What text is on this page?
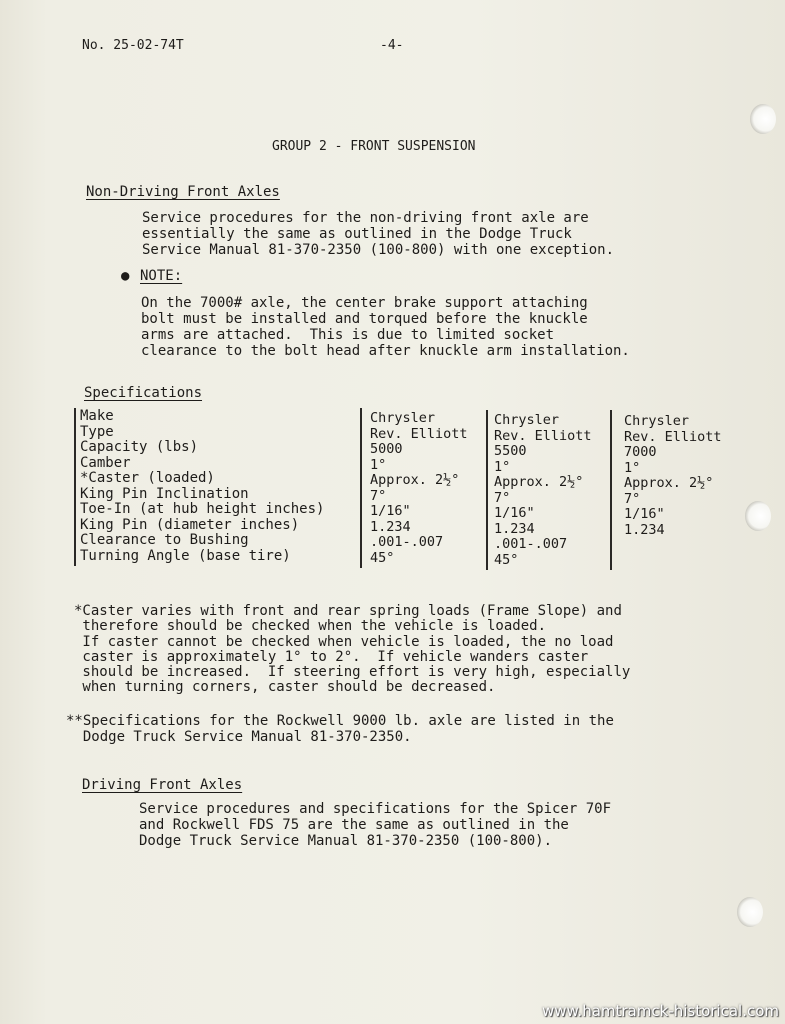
No. 25-02-74T	-4-
GROUP 2 - FRONT SUSPENSION
Non-Driving Front Axles
Service procedures for the non-driving front axle are
essentially the same as outlined in the Dodge Truck
Service Manual 81-370-2350 (100-800) with one exception.
● NOTE:
On the 7000# axle, the center brake support attaching
bolt must be installed and torqued before the knuckle
arms are attached.  This is due to limited socket
clearance to the bolt head after knuckle arm installation.
Specifications
Make
Type
Capacity (lbs)
Camber
*Caster (loaded)
King Pin Inclination
Toe-In (at hub height inches)
King Pin (diameter inches)
Clearance to Bushing
Turning Angle (base tire)
Chrysler
Rev. Elliott
5000
1°
Approx. 2½°
7°
1/16"
1.234
.001-.007
45°
Chrysler
Rev. Elliott
5500
1°
Approx. 2½°
7°
1/16"
1.234
.001-.007
45°
Chrysler
Rev. Elliott
7000
1°
Approx. 2½°
7°
1/16"
1.234
*Caster varies with front and rear spring loads (Frame Slope) and
therefore should be checked when the vehicle is loaded.
If caster cannot be checked when vehicle is loaded, the no load
caster is approximately 1° to 2°.  If vehicle wanders caster
should be increased.  If steering effort is very high, especially
when turning corners, caster should be decreased.
**Specifications for the Rockwell 9000 lb. axle are listed in the
Dodge Truck Service Manual 81-370-2350.
Driving Front Axles
Service procedures and specifications for the Spicer 70F
and Rockwell FDS 75 are the same as outlined in the
Dodge Truck Service Manual 81-370-2350 (100-800).
www.hamtramck-historical.com
